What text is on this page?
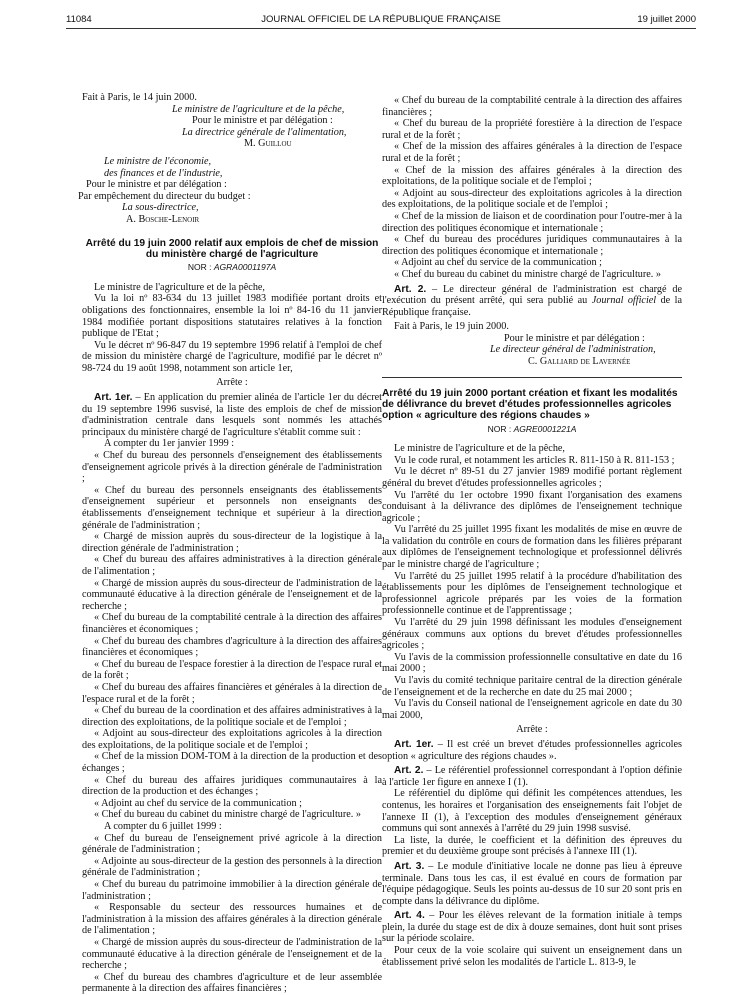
11084	JOURNAL OFFICIEL DE LA RÉPUBLIQUE FRANÇAISE	19 juillet 2000
Fait à Paris, le 14 juin 2000.
Le ministre de l'agriculture et de la pêche,
Pour le ministre et par délégation :
La directrice générale de l'alimentation,
M. Guillou
Le ministre de l'économie,
des finances et de l'industrie,
Pour le ministre et par délégation :
Par empêchement du directeur du budget :
La sous-directrice,
A. Bosche-Lenoir
Arrêté du 19 juin 2000 relatif aux emplois de chef de mission du ministère chargé de l'agriculture
NOR : AGRA0001197A

Le ministre de l'agriculture et de la pêche,

Vu la loi nº 83-634 du 13 juillet 1983 modifiée portant droits et obligations des fonctionnaires, ensemble la loi nº 84-16 du 11 janvier 1984 modifiée portant dispositions statutaires relatives à la fonction publique de l'Etat ;

Vu le décret nº 96-847 du 19 septembre 1996 relatif à l'emploi de chef de mission du ministère chargé de l'agriculture, modifié par le décret nº 98-724 du 19 août 1998, notamment son article 1er,

Arrête :

Art. 1er. – En application du premier alinéa de l'article 1er du décret du 19 septembre 1996 susvisé, la liste des emplois de chef de mission d'administration centrale dans lesquels sont nommés les attachés principaux du ministère chargé de l'agriculture s'établit comme suit :

A compter du 1er janvier 1999 :

« Chef du bureau des personnels d'enseignement des établissements d'enseignement agricole privés à la direction générale de l'administration ;

« Chef du bureau des personnels enseignants des établissements d'enseignement supérieur et personnels non enseignants des établissements d'enseignement technique et supérieur à la direction générale de l'administration ;

« Chargé de mission auprès du sous-directeur de la logistique à la direction générale de l'administration ;

« Chef du bureau des affaires administratives à la direction générale de l'alimentation ;

« Chargé de mission auprès du sous-directeur de l'administration de la communauté éducative à la direction générale de l'enseignement et de la recherche ;

« Chef du bureau de la comptabilité centrale à la direction des affaires financières et économiques ;

« Chef du bureau des chambres d'agriculture à la direction des affaires financières et économiques ;

« Chef du bureau de l'espace forestier à la direction de l'espace rural et de la forêt ;

« Chef du bureau des affaires financières et générales à la direction de l'espace rural et de la forêt ;

« Chef du bureau de la coordination et des affaires administratives à la direction des exploitations, de la politique sociale et de l'emploi ;

« Adjoint au sous-directeur des exploitations agricoles à la direction des exploitations, de la politique sociale et de l'emploi ;

« Chef de la mission DOM-TOM à la direction de la production et des échanges ;

« Chef du bureau des affaires juridiques communautaires à la direction de la production et des échanges ;

« Adjoint au chef du service de la communication ;

« Chef du bureau du cabinet du ministre chargé de l'agriculture. »

A compter du 6 juillet 1999 :

« Chef du bureau de l'enseignement privé agricole à la direction générale de l'administration ;

« Adjointe au sous-directeur de la gestion des personnels à la direction générale de l'administration ;

« Chef du bureau du patrimoine immobilier à la direction générale de l'administration ;

« Responsable du secteur des ressources humaines et de l'administration à la mission des affaires générales à la direction générale de l'alimentation ;

« Chargé de mission auprès du sous-directeur de l'administration de la communauté éducative à la direction générale de l'enseignement et de la recherche ;

« Chef du bureau des chambres d'agriculture et de leur assemblée permanente à la direction des affaires financières ;

« Chef du bureau de la comptabilité centrale à la direction des affaires financières ;

« Chef du bureau de la propriété forestière à la direction de l'espace rural et de la forêt ;

« Chef de la mission des affaires générales à la direction de l'espace rural et de la forêt ;

« Chef de la mission des affaires générales à la direction des exploitations, de la politique sociale et de l'emploi ;

« Adjoint au sous-directeur des exploitations agricoles à la direction des exploitations, de la politique sociale et de l'emploi ;

« Chef de la mission de liaison et de coordination pour l'outre-mer à la direction des politiques économique et internationale ;

« Chef du bureau des procédures juridiques communautaires à la direction des politiques économique et internationale ;

« Adjoint au chef du service de la communication ;

« Chef du bureau du cabinet du ministre chargé de l'agriculture. »

Art. 2. – Le directeur général de l'administration est chargé de l'exécution du présent arrêté, qui sera publié au Journal officiel de la République française.

Fait à Paris, le 19 juin 2000.
Pour le ministre et par délégation :
Le directeur général de l'administration,
C. Galliard de Lavernée
Arrêté du 19 juin 2000 portant création et fixant les modalités de délivrance du brevet d'études professionnelles agricoles option « agriculture des régions chaudes »
NOR : AGRE0001221A

Le ministre de l'agriculture et de la pêche,

Vu le code rural, et notamment les articles R. 811-150 à R. 811-153 ;

Vu le décret nº 89-51 du 27 janvier 1989 modifié portant règlement général du brevet d'études professionnelles agricoles ;

Vu l'arrêté du 1er octobre 1990 fixant l'organisation des examens conduisant à la délivrance des diplômes de l'enseignement technique agricole ;

Vu l'arrêté du 25 juillet 1995 fixant les modalités de mise en œuvre de la validation du contrôle en cours de formation dans les filières préparant aux diplômes de l'enseignement technologique et professionnel délivrés par le ministre chargé de l'agriculture ;

Vu l'arrêté du 25 juillet 1995 relatif à la procédure d'habilitation des établissements pour les diplômes de l'enseignement technologique et professionnel agricole préparés par les voies de la formation professionnelle continue et de l'apprentissage ;

Vu l'arrêté du 29 juin 1998 définissant les modules d'enseignement généraux communs aux options du brevet d'études professionnelles agricoles ;

Vu l'avis de la commission professionnelle consultative en date du 16 mai 2000 ;

Vu l'avis du comité technique paritaire central de la direction générale de l'enseignement et de la recherche en date du 25 mai 2000 ;

Vu l'avis du Conseil national de l'enseignement agricole en date du 30 mai 2000,

Arrête :

Art. 1er. – Il est créé un brevet d'études professionnelles agricoles option « agriculture des régions chaudes ».

Art. 2. – Le référentiel professionnel correspondant à l'option définie à l'article 1er figure en annexe I (1).

Le référentiel du diplôme qui définit les compétences attendues, les contenus, les horaires et l'organisation des enseignements fait l'objet de l'annexe II (1), à l'exception des modules d'enseignement généraux communs qui sont annexés à l'arrêté du 29 juin 1998 susvisé.

La liste, la durée, le coefficient et la définition des épreuves du premier et du deuxième groupe sont précisés à l'annexe III (1).

Art. 3. – Le module d'initiative locale ne donne pas lieu à épreuve terminale. Dans tous les cas, il est évalué en cours de formation par l'équipe pédagogique. Seuls les points au-dessus de 10 sur 20 sont pris en compte dans la délivrance du diplôme.

Art. 4. – Pour les élèves relevant de la formation initiale à temps plein, la durée du stage est de dix à douze semaines, dont huit sont prises sur la période scolaire.

Pour ceux de la voie scolaire qui suivent un enseignement dans un établissement privé selon les modalités de l'article L. 813-9, le
